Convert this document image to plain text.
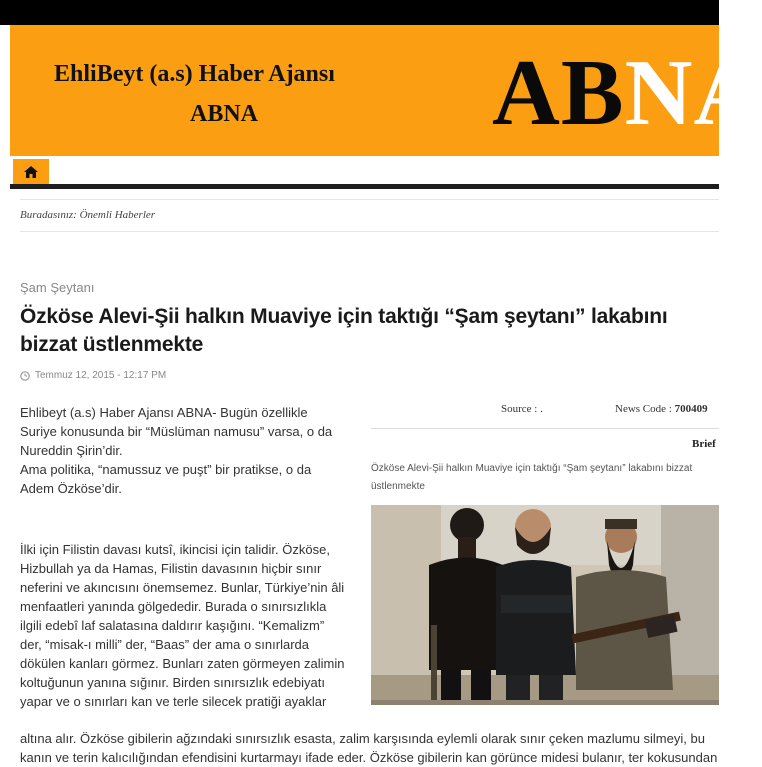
EhliBeyt (a.s) Haber Ajansı
ABNA ABNA
Buradasınız: Önemli Haberler
Şam Şeytanı
Özköse Alevi-Şii halkın Muaviye için taktığı “Şam şeytanı” lakabını bizzat üstlenmekte
Temmuz 12, 2015 - 12:17 PM
Source : .	News Code : 700409
Brief
Özköse Alevi-Şii halkın Muaviye için taktığı “Şam şeytanı” lakabını bizzat üstlenmekte
Ehlibeyt (a.s) Haber Ajansı ABNA- Bugün özellikle
Suriye konusunda bir “Müslüman namusu” varsa, o da
Nureddin Şirin’dir.
Ama politika, “namussuz ve puşt” bir pratikse, o da
Adem Özköse’dir.
İlki için Filistin davası kutsî, ikincisi için talidir. Özköse,
Hizbullah ya da Hamas, Filistin davasının hiçbir sınır
neferini ve akıncısını önemsemez. Bunlar, Türkiye’nin âli
menfaatleri yanında gölgededir. Burada o sınırsızlıkla
ilgili edebî laf salatasına daldırır kaşığını. “Kemalizm”
der, “misak-ı milli” der, “Baas” der ama o sınırlarda
dökülen kanları görmez. Bunları zaten görmeyen zalimin
koltuğunun yanına sığınır. Birden sınırsızlık edebiyatı
yapar ve o sınırları kan ve terle silecek pratiği ayaklar
altına alır. Özköse gibilerin ağzındaki sınırsızlık esasta, zalim karşısında eylemli olarak sınır çeken mazlumu silmeyi, bu
kanın ve terin kalıcılığından efendisini kurtarmayı ifade eder. Özköse gibilerin kan görünce midesi bulanır, ter kokusundan
